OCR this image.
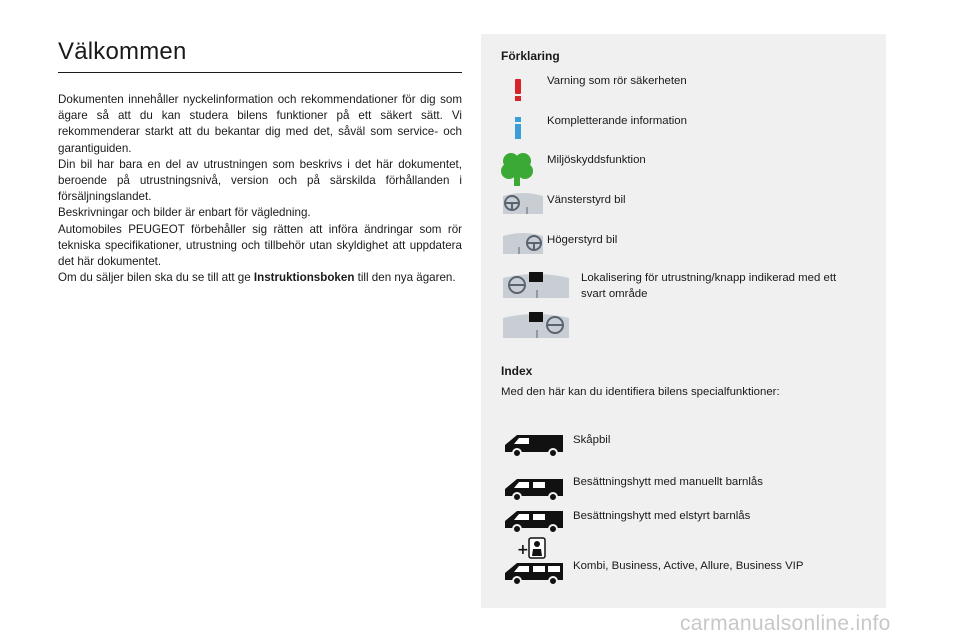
Välkommen

Dokumenten innehåller nyckelinformation och rekommendationer för dig som ägare så att du kan studera bilens funktioner på ett säkert sätt. Vi rekommenderar starkt att du bekantar dig med det, såväl som service- och garantiguiden.

Din bil har bara en del av utrustningen som beskrivs i det här dokumentet, beroende på utrustningsnivå, version och på särskilda förhållanden i försäljningslandet.

Beskrivningar och bilder är enbart för vägledning.

Automobiles PEUGEOT förbehåller sig rätten att införa ändringar som rör tekniska specifikationer, utrustning och tillbehör utan skyldighet att uppdatera det här dokumentet.

Om du säljer bilen ska du se till att ge Instruktionsboken till den nya ägaren.

Förklaring
Varning som rör säkerheten
Kompletterande information
Miljöskyddsfunktion
Vänsterstyrd bil
Högerstyrd bil
Lokalisering för utrustning/knapp indikerad med ett svart område
Index
Med den här kan du identifiera bilens specialfunktioner:
Skåpbil
Besättningshytt med manuellt barnlås
+
Besättningshytt med elstyrt barnlås
Kombi, Business, Active, Allure, Business VIP
carmanualsonline.info
